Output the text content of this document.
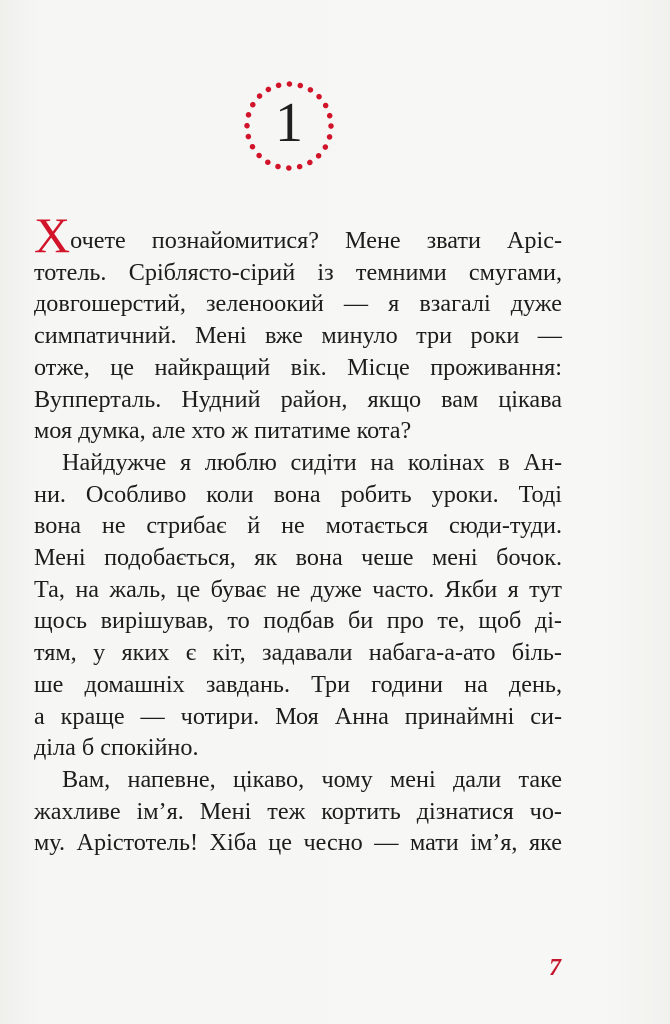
1
Хочете познайомитися? Мене звати Аріс-
тотель. Сріблясто-сірий із темними смугами,
довгошерстий, зеленоокий — я взагалі дуже
симпатичний. Мені вже минуло три роки —
отже, це найкращий вік. Місце проживання:
Вупперталь. Нудний район, якщо вам цікава
моя думка, але хто ж питатиме кота?
Найдужче я люблю сидіти на колінах в Ан-
ни. Особливо коли вона робить уроки. Тоді
вона не стрибає й не мотається сюди-туди.
Мені подобається, як вона чеше мені бочок.
Та, на жаль, це буває не дуже часто. Якби я тут
щось вирішував, то подбав би про те, щоб ді-
тям, у яких є кіт, задавали набага-а-ато біль-
ше домашніх завдань. Три години на день,
а краще — чотири. Моя Анна принаймні си-
діла б спокійно.
Вам, напевне, цікаво, чому мені дали таке
жахливе ім’я. Мені теж кортить дізнатися чо-
му. Арістотель! Хіба це чесно — мати ім’я, яке
7
